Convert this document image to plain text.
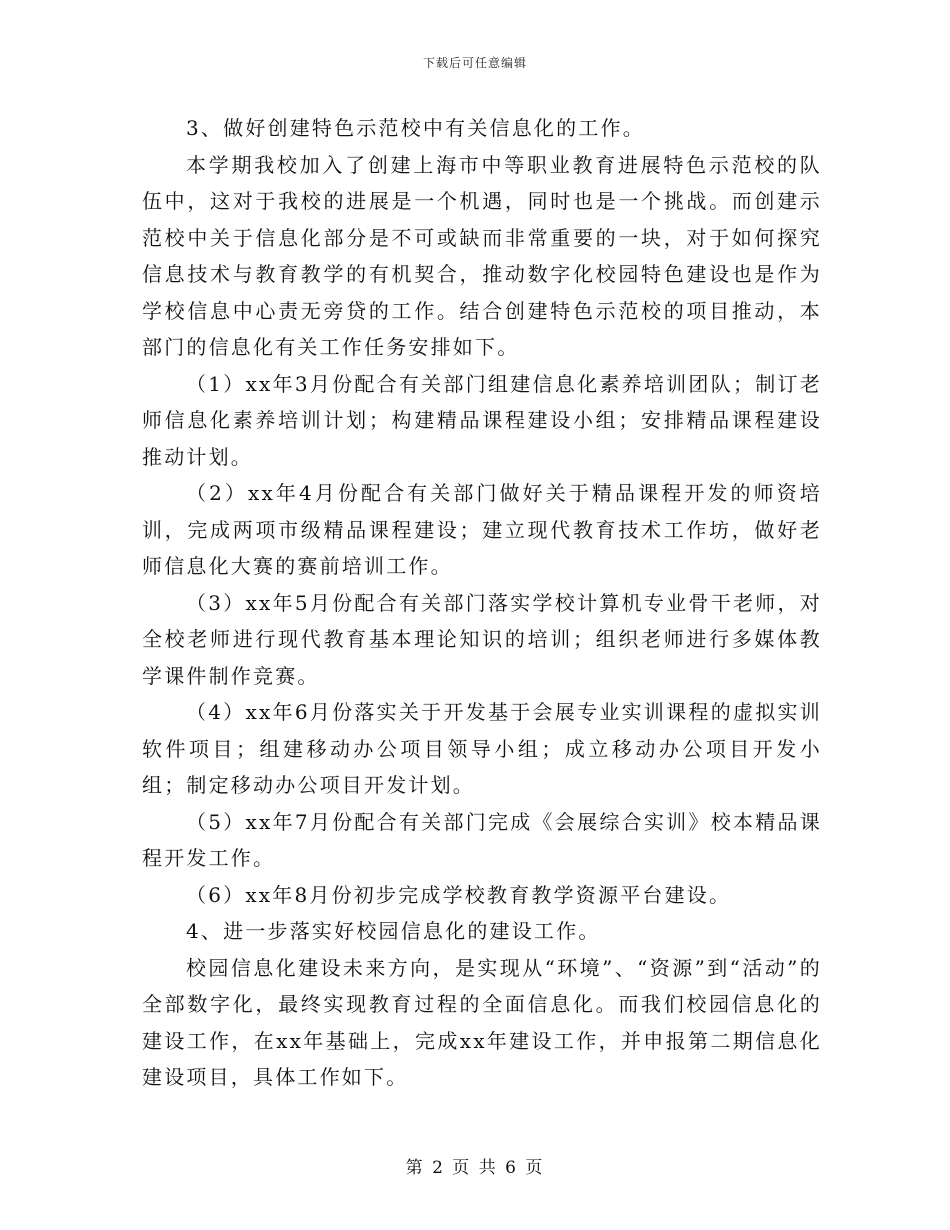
下载后可任意编辑

3、做好创建特色示范校中有关信息化的工作。

本学期我校加入了创建上海市中等职业教育进展特色示范校的队伍中，这对于我校的进展是一个机遇，同时也是一个挑战。而创建示范校中关于信息化部分是不可或缺而非常重要的一块，对于如何探究信息技术与教育教学的有机契合，推动数字化校园特色建设也是作为学校信息中心责无旁贷的工作。结合创建特色示范校的项目推动，本部门的信息化有关工作任务安排如下。

（1）xx年3月份配合有关部门组建信息化素养培训团队；制订老师信息化素养培训计划；构建精品课程建设小组；安排精品课程建设推动计划。

（2）xx年4月份配合有关部门做好关于精品课程开发的师资培训，完成两项市级精品课程建设；建立现代教育技术工作坊，做好老师信息化大赛的赛前培训工作。

（3）xx年5月份配合有关部门落实学校计算机专业骨干老师，对全校老师进行现代教育基本理论知识的培训；组织老师进行多媒体教学课件制作竞赛。

（4）xx年6月份落实关于开发基于会展专业实训课程的虚拟实训软件项目；组建移动办公项目领导小组；成立移动办公项目开发小组；制定移动办公项目开发计划。

（5）xx年7月份配合有关部门完成《会展综合实训》校本精品课程开发工作。

（6）xx年8月份初步完成学校教育教学资源平台建设。

4、进一步落实好校园信息化的建设工作。

校园信息化建设未来方向，是实现从“环境”、“资源”到“活动”的全部数字化，最终实现教育过程的全面信息化。而我们校园信息化的建设工作，在xx年基础上，完成xx年建设工作，并申报第二期信息化建设项目，具体工作如下。

第 2 页 共 6 页
